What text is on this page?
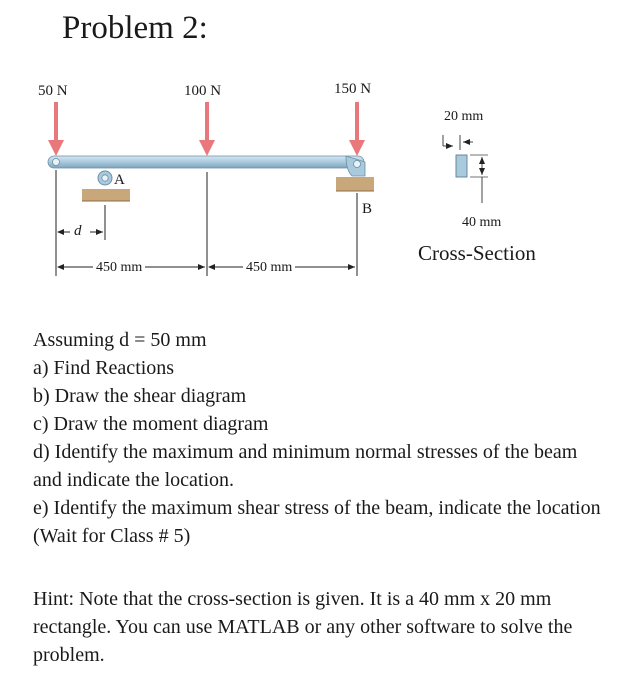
Problem 2:
50 N	100 N	150 N
A
B
d
450 mm	450 mm
20 mm
40 mm
Cross-Section
Assuming d = 50 mm
a) Find Reactions
b) Draw the shear diagram
c) Draw the moment diagram
d) Identify the maximum and minimum normal stresses of the beam and indicate the location.
e) Identify the maximum shear stress of the beam, indicate the location (Wait for Class # 5)
Hint: Note that the cross-section is given. It is a 40 mm x 20 mm rectangle. You can use MATLAB or any other software to solve the problem.
